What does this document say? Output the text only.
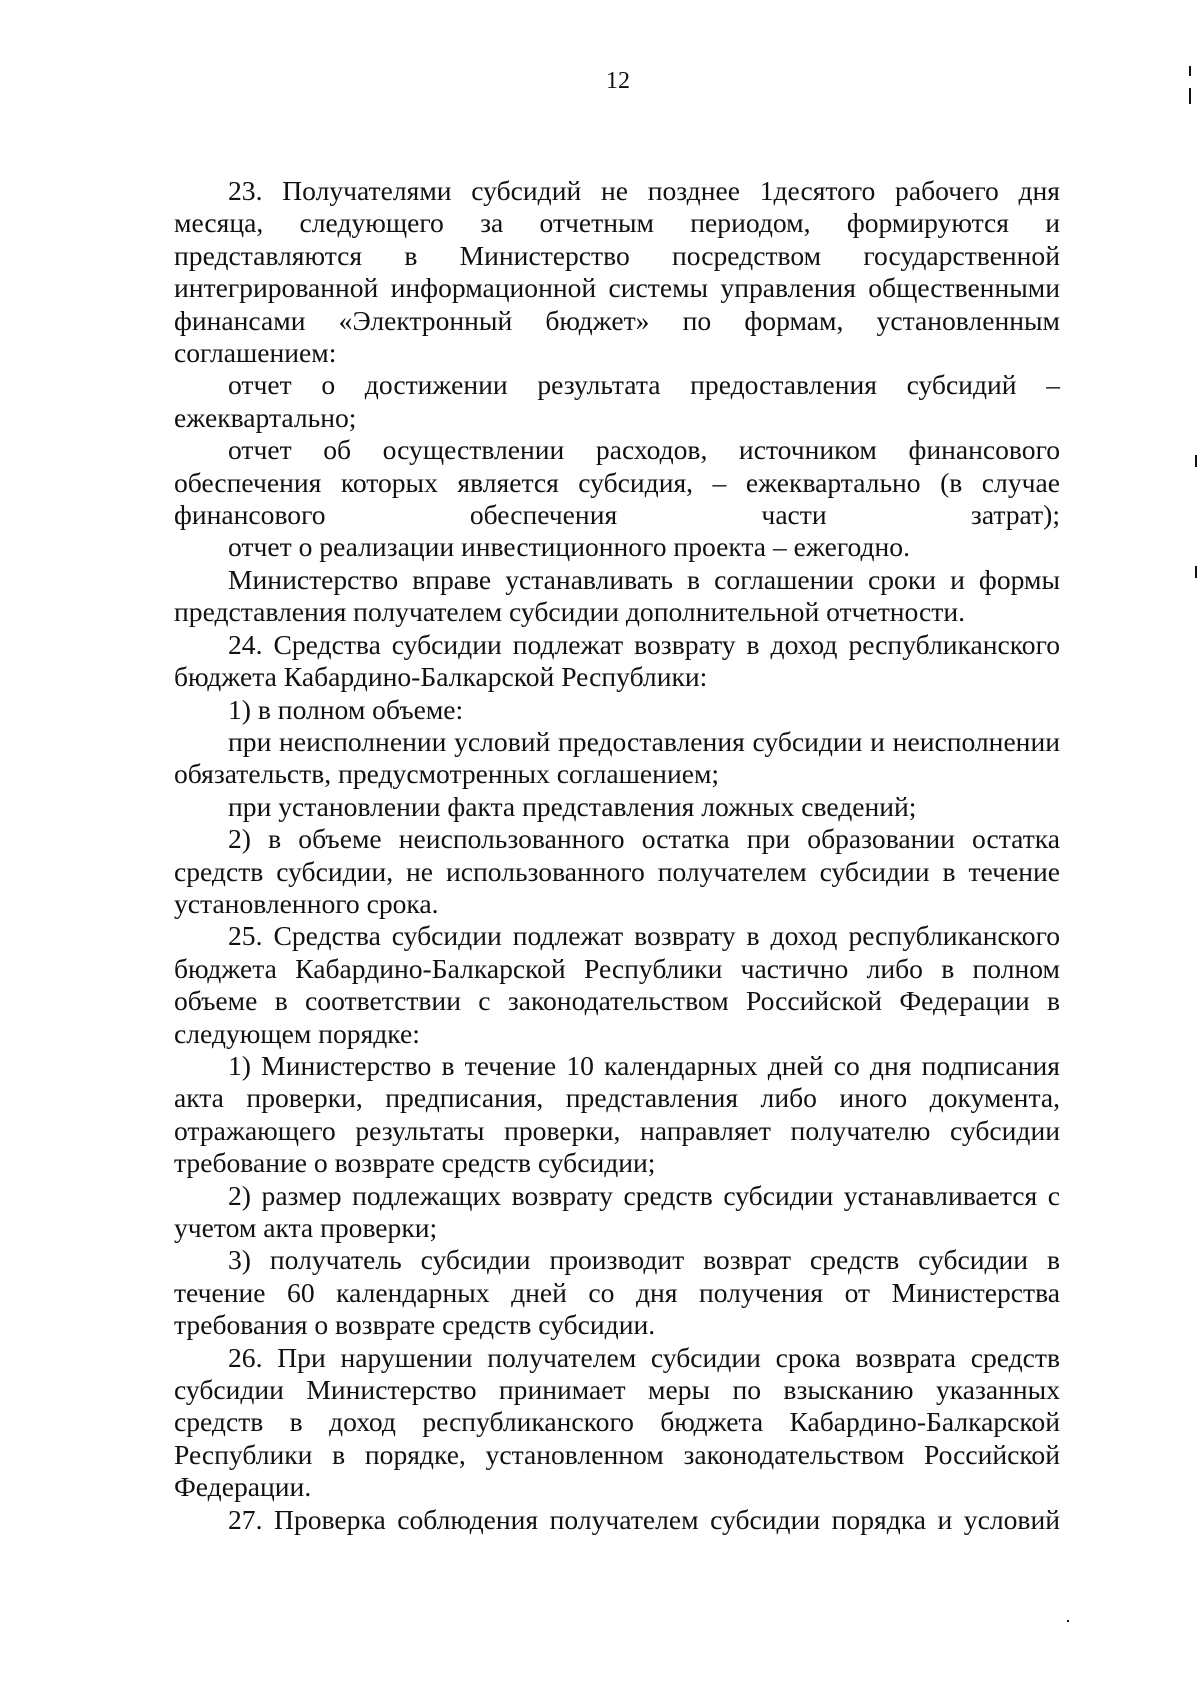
12

23. Получателями субсидий не позднее 1десятого рабочего дня месяца, следующего за отчетным периодом, формируются и представляются в Министерство посредством государственной интегрированной информационной системы управления общественными финансами «Электронный бюджет» по формам, установленным соглашением:

отчет о достижении результата предоставления субсидий – ежеквартально;

отчет об осуществлении расходов, источником финансового обеспечения которых является субсидия, – ежеквартально (в случае финансового обеспечения части затрат);

отчет о реализации инвестиционного проекта – ежегодно.

Министерство вправе устанавливать в соглашении сроки и формы представления получателем субсидии дополнительной отчетности.

24. Средства субсидии подлежат возврату в доход республиканского бюджета Кабардино-Балкарской Республики:

1) в полном объеме:

при неисполнении условий предоставления субсидии и неисполнении обязательств, предусмотренных соглашением;

при установлении факта представления ложных сведений;

2) в объеме неиспользованного остатка при образовании остатка средств субсидии, не использованного получателем субсидии в течение установленного срока.

25. Средства субсидии подлежат возврату в доход республиканского бюджета Кабардино-Балкарской Республики частично либо в полном объеме в соответствии с законодательством Российской Федерации в следующем порядке:

1) Министерство в течение 10 календарных дней со дня подписания акта проверки, предписания, представления либо иного документа, отражающего результаты проверки, направляет получателю субсидии требование о возврате средств субсидии;

2) размер подлежащих возврату средств субсидии устанавливается с учетом акта проверки;

3) получатель субсидии производит возврат средств субсидии в течение 60 календарных дней со дня получения от Министерства требования о возврате средств субсидии.

26. При нарушении получателем субсидии срока возврата средств субсидии Министерство принимает меры по взысканию указанных средств в доход республиканского бюджета Кабардино-Балкарской Республики в порядке, установленном законодательством Российской Федерации.

27. Проверка соблюдения получателем субсидии порядка и условий
